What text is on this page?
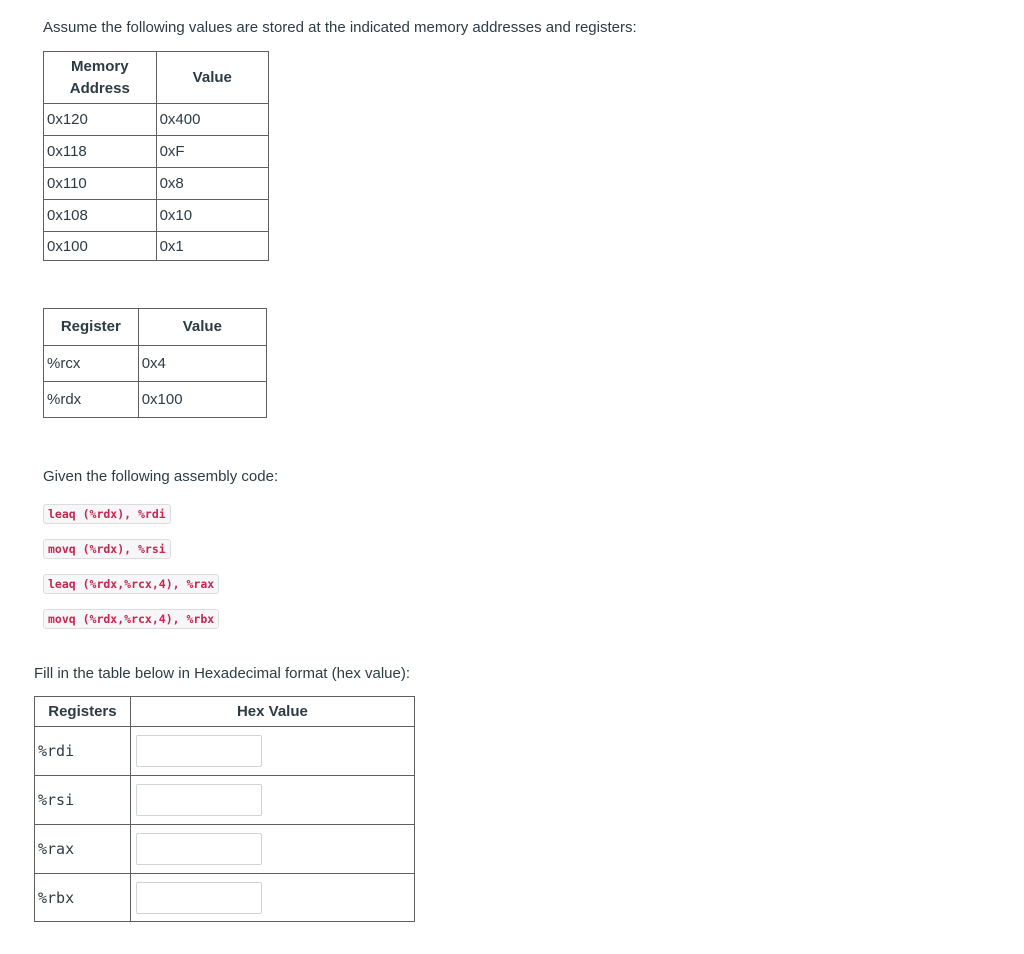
Assume the following values are stored at the indicated memory addresses and registers:
Memory
Address	Value
0x120	0x400
0x118	0xF
0x110	0x8
0x108	0x10
0x100	0x1
Register	Value
%rcx	0x4
%rdx	0x100
Given the following assembly code:
leaq (%rdx), %rdi
movq (%rdx), %rsi
leaq (%rdx,%rcx,4), %rax
movq (%rdx,%rcx,4), %rbx
Fill in the table below in Hexadecimal format (hex value):
Registers	Hex Value
%rdi	

%rsi	

%rax	

%rbx	
